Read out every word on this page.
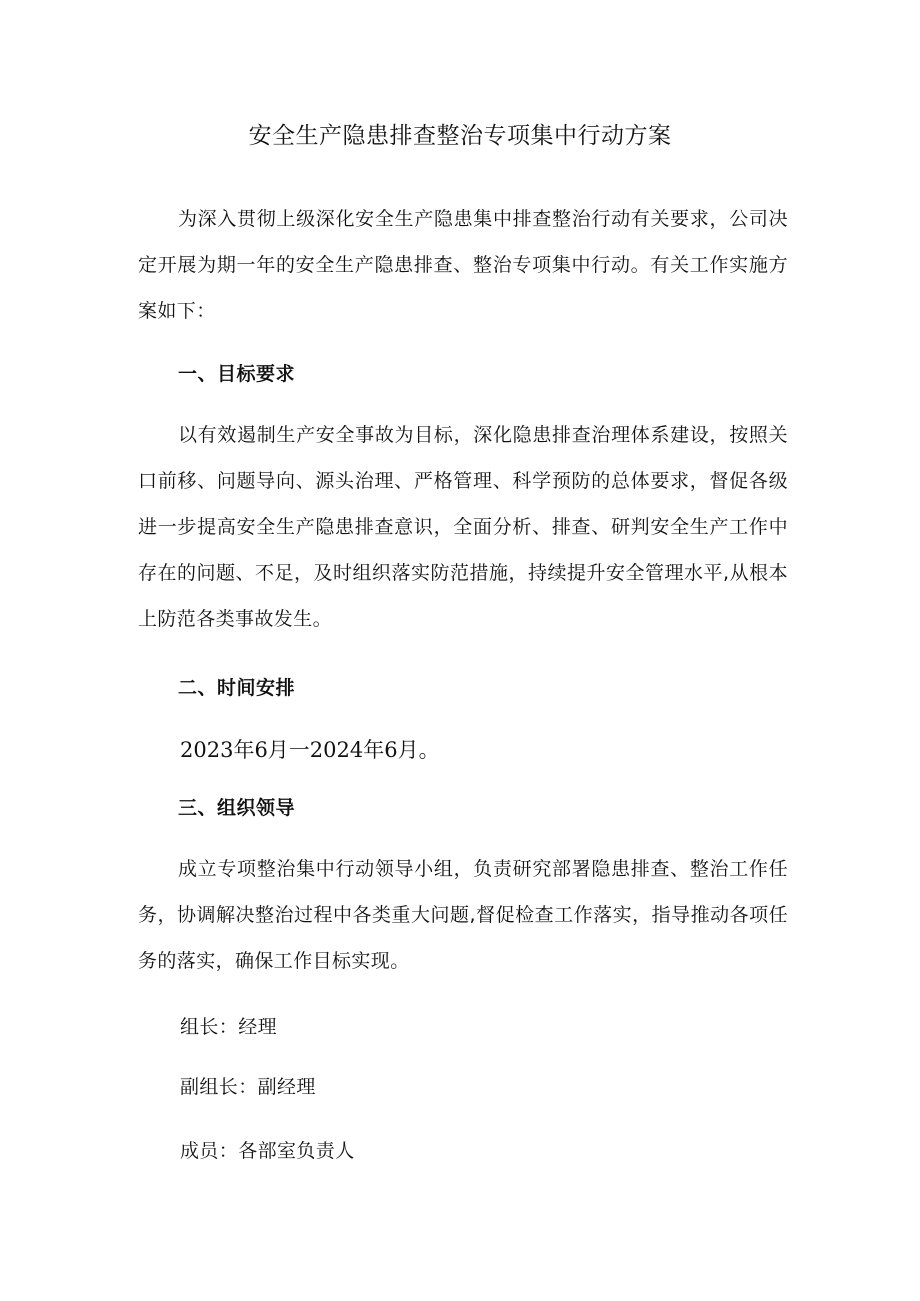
安全生产隐患排查整治专项集中行动方案

为深入贯彻上级深化安全生产隐患集中排查整治行动有关要求，公司决定开展为期一年的安全生产隐患排查、整治专项集中行动。有关工作实施方案如下：

一、目标要求

以有效遏制生产安全事故为目标，深化隐患排查治理体系建设，按照关口前移、问题导向、源头治理、严格管理、科学预防的总体要求，督促各级进一步提高安全生产隐患排查意识，全面分析、排查、研判安全生产工作中存在的问题、不足，及时组织落实防范措施，持续提升安全管理水平,从根本上防范各类事故发生。

二、时间安排

2023年6月一2024年6月。

三、组织领导

成立专项整治集中行动领导小组，负责研究部署隐患排查、整治工作任务，协调解决整治过程中各类重大问题,督促检查工作落实，指导推动各项任务的落实，确保工作目标实现。

组长：经理

副组长：副经理

成员：各部室负责人
